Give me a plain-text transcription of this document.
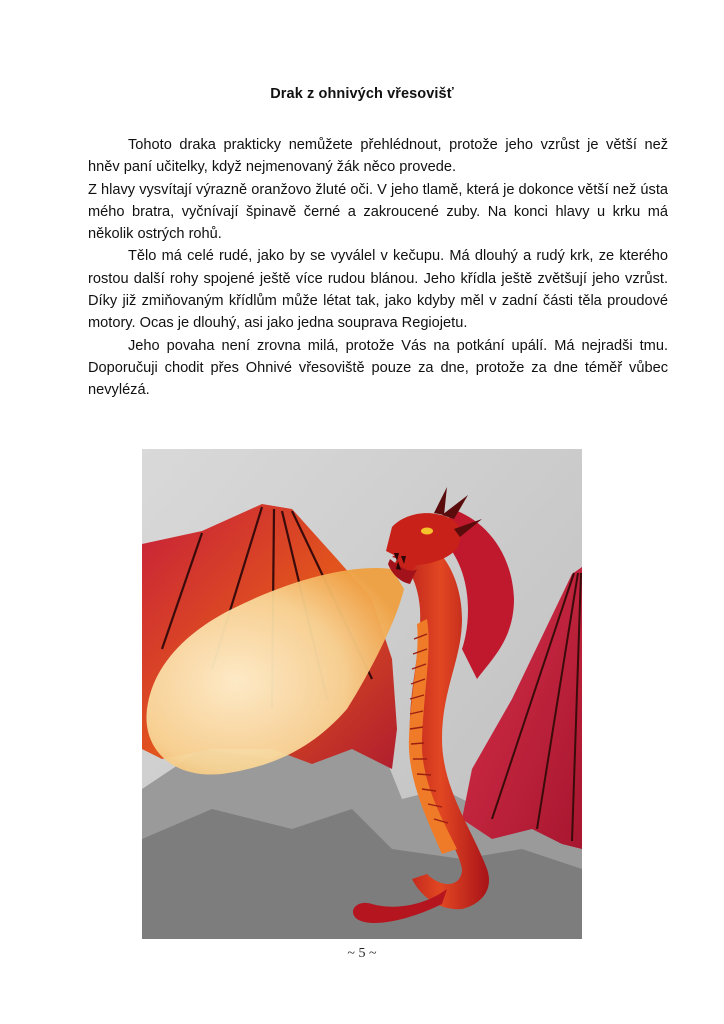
Drak z ohnivých vřesovišť

Tohoto draka prakticky nemůžete přehlédnout, protože jeho vzrůst je větší než hněv paní učitelky, když nejmenovaný žák něco provede.

Z hlavy vysvítají výrazně oranžovo žluté oči. V jeho tlamě, která je dokonce větší než ústa mého bratra, vyčnívají špinavě černé a zakroucené zuby. Na konci hlavy u krku má několik ostrých rohů.

Tělo má celé rudé, jako by se vyválel v kečupu. Má dlouhý a rudý krk, ze kterého rostou další rohy spojené ještě více rudou blánou. Jeho křídla ještě zvětšují jeho vzrůst. Díky již zmiňovaným křídlům může létat tak, jako kdyby měl v zadní části těla proudové motory. Ocas je dlouhý, asi jako jedna souprava Regiojetu.

Jeho povaha není zrovna milá, protože Vás na potkání upálí. Má nejradši tmu. Doporučuji chodit přes Ohnivé vřesoviště pouze za dne, protože za dne téměř vůbec nevylézá.

~ 5 ~
